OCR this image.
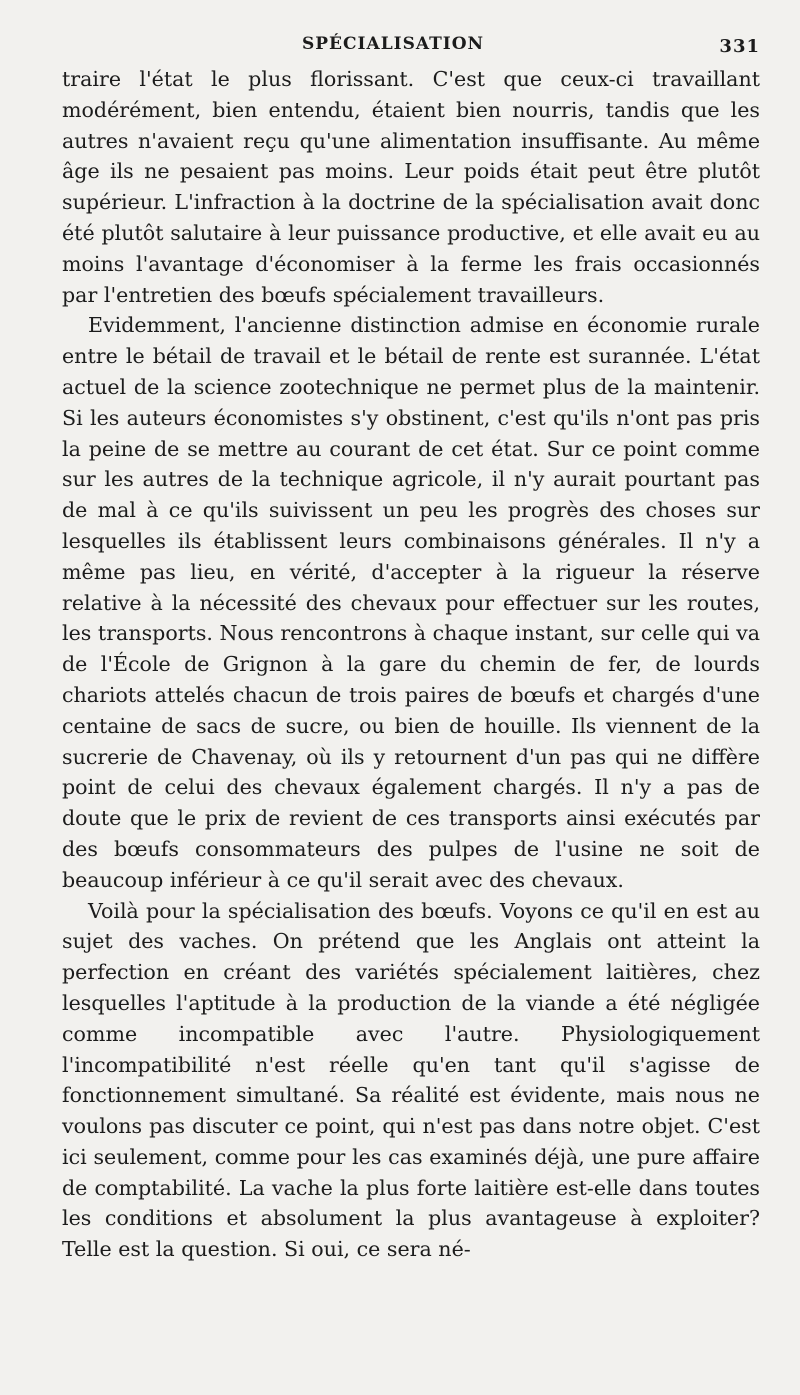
SPÉCIALISATION	331

traire l'état le plus florissant. C'est que ceux-ci travaillant modérément, bien entendu, étaient bien nourris, tandis que les autres n'avaient reçu qu'une alimentation insuffisante. Au même âge ils ne pesaient pas moins. Leur poids était peut être plutôt supérieur. L'infraction à la doctrine de la spécialisation avait donc été plutôt salutaire à leur puissance productive, et elle avait eu au moins l'avantage d'économiser à la ferme les frais occasionnés par l'entretien des bœufs spécialement travailleurs.

Evidemment, l'ancienne distinction admise en économie rurale entre le bétail de travail et le bétail de rente est surannée. L'état actuel de la science zootechnique ne permet plus de la maintenir. Si les auteurs économistes s'y obstinent, c'est qu'ils n'ont pas pris la peine de se mettre au courant de cet état. Sur ce point comme sur les autres de la technique agricole, il n'y aurait pourtant pas de mal à ce qu'ils suivissent un peu les progrès des choses sur lesquelles ils établissent leurs combinaisons générales. Il n'y a même pas lieu, en vérité, d'accepter à la rigueur la réserve relative à la nécessité des chevaux pour effectuer sur les routes, les transports. Nous rencontrons à chaque instant, sur celle qui va de l'École de Grignon à la gare du chemin de fer, de lourds chariots attelés chacun de trois paires de bœufs et chargés d'une centaine de sacs de sucre, ou bien de houille. Ils viennent de la sucrerie de Chavenay, où ils y retournent d'un pas qui ne diffère point de celui des chevaux également chargés. Il n'y a pas de doute que le prix de revient de ces transports ainsi exécutés par des bœufs consommateurs des pulpes de l'usine ne soit de beaucoup inférieur à ce qu'il serait avec des chevaux.

Voilà pour la spécialisation des bœufs. Voyons ce qu'il en est au sujet des vaches. On prétend que les Anglais ont atteint la perfection en créant des variétés spécialement laitières, chez lesquelles l'aptitude à la production de la viande a été négligée comme incompatible avec l'autre. Physiologiquement l'incompatibilité n'est réelle qu'en tant qu'il s'agisse de fonctionnement simultané. Sa réalité est évidente, mais nous ne voulons pas discuter ce point, qui n'est pas dans notre objet. C'est ici seulement, comme pour les cas examinés déjà, une pure affaire de comptabilité. La vache la plus forte laitière est-elle dans toutes les conditions et absolument la plus avantageuse à exploiter? Telle est la question. Si oui, ce sera né-
